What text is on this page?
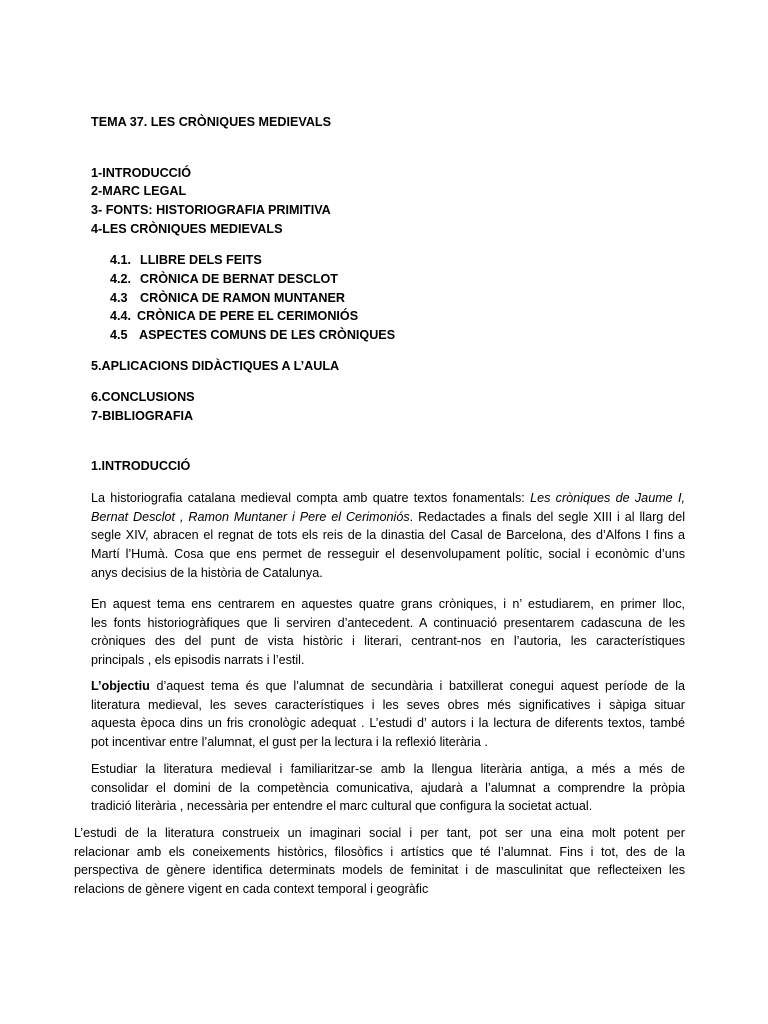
TEMA 37. LES CRÒNIQUES MEDIEVALS
1-INTRODUCCIÓ
2-MARC LEGAL
3- FONTS: HISTORIOGRAFIA PRIMITIVA
4-LES CRÒNIQUES MEDIEVALS
4.1. LLIBRE DELS FEITS
4.2. CRÒNICA DE BERNAT DESCLOT
4.3 CRÒNICA DE RAMON MUNTANER
4.4. CRÒNICA DE PERE EL CERIMONIÓS
4.5 ASPECTES COMUNS DE LES CRÒNIQUES
5.APLICACIONS DIDÀCTIQUES A L’AULA
6.CONCLUSIONS
7-BIBLIOGRAFIA
1.INTRODUCCIÓ
La historiografia catalana medieval compta amb quatre textos fonamentals: Les cròniques de Jaume I,
Bernat Desclot , Ramon Muntaner i Pere el Cerimoniós. Redactades a finals del segle XIII i al llarg del
segle XIV, abracen el regnat de tots els reis de la dinastia del Casal de Barcelona, des d’Alfons I fins a
Martí l’Humà. Cosa que ens permet de resseguir el desenvolupament polític, social i econòmic d’uns
anys decisius de la història de Catalunya.
En aquest tema ens centrarem en aquestes quatre grans cròniques, i n’ estudiarem, en primer lloc,
les fonts historiogràfiques que li serviren d’antecedent. A continuació presentarem cadascuna de les
cròniques des del punt de vista històric i literari, centrant-nos en l’autoria, les característiques
principals , els episodis narrats i l’estil.
L’objectiu d’aquest tema és que l’alumnat de secundària i batxillerat conegui aquest període de la
literatura medieval, les seves característiques i les seves obres més significatives i sàpiga situar
aquesta època dins un fris cronològic adequat . L’estudi d’ autors i la lectura de diferents textos, també
pot incentivar entre l’alumnat, el gust per la lectura i la reflexió literària .
Estudiar la literatura medieval i familiaritzar-se amb la llengua literària antiga, a més a més de
consolidar el domini de la competència comunicativa, ajudarà a l’alumnat a comprendre la pròpia
tradició literària , necessària per entendre el marc cultural que configura la societat actual.
L’estudi de la literatura construeix un imaginari social i per tant, pot ser una eina molt potent per
relacionar amb els coneixements històrics, filosòfics i artístics que té l’alumnat. Fins i tot, des de la
perspectiva de gènere identifica determinats models de feminitat i de masculinitat que reflecteixen les
relacions de gènere vigent en cada context temporal i geogràfic
